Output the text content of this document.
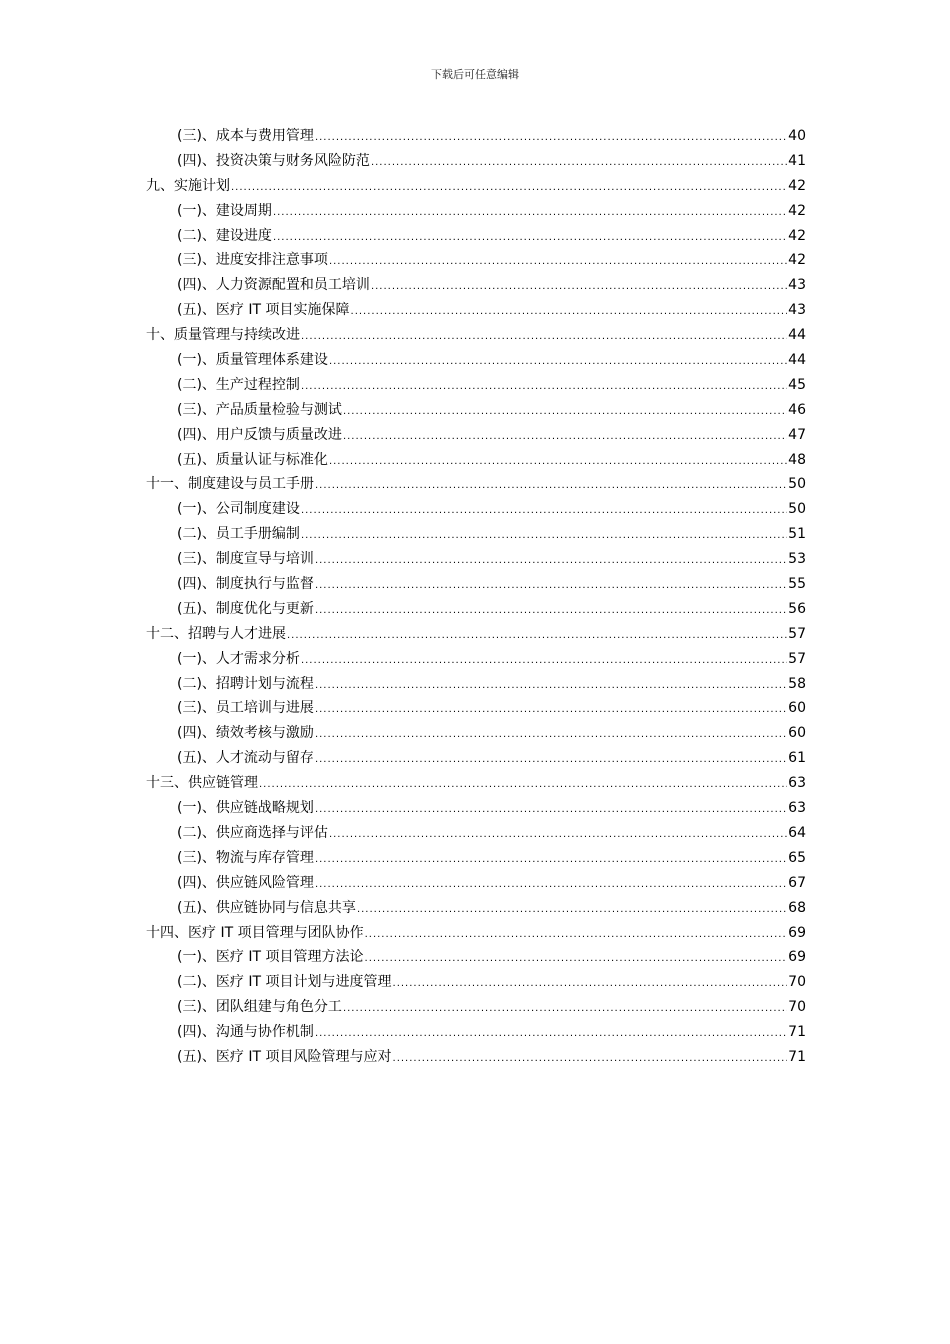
下载后可任意编辑
(三)、成本与费用管理 .....	40
(四)、投资决策与财务风险防范 .....	41
九、实施计划 .....	42
(一)、建设周期 .....	42
(二)、建设进度 .....	42
(三)、进度安排注意事项 .....	42
(四)、人力资源配置和员工培训 .....	43
(五)、医疗 IT 项目实施保障 .....	43
十、质量管理与持续改进 .....	44
(一)、质量管理体系建设 .....	44
(二)、生产过程控制 .....	45
(三)、产品质量检验与测试 .....	46
(四)、用户反馈与质量改进 .....	47
(五)、质量认证与标准化 .....	48
十一、制度建设与员工手册 .....	50
(一)、公司制度建设 .....	50
(二)、员工手册编制 .....	51
(三)、制度宣导与培训 .....	53
(四)、制度执行与监督 .....	55
(五)、制度优化与更新 .....	56
十二、招聘与人才进展 .....	57
(一)、人才需求分析 .....	57
(二)、招聘计划与流程 .....	58
(三)、员工培训与进展 .....	60
(四)、绩效考核与激励 .....	60
(五)、人才流动与留存 .....	61
十三、供应链管理 .....	63
(一)、供应链战略规划 .....	63
(二)、供应商选择与评估 .....	64
(三)、物流与库存管理 .....	65
(四)、供应链风险管理 .....	67
(五)、供应链协同与信息共享 .....	68
十四、医疗 IT 项目管理与团队协作 .....	69
(一)、医疗 IT 项目管理方法论 .....	69
(二)、医疗 IT 项目计划与进度管理 .....	70
(三)、团队组建与角色分工 .....	70
(四)、沟通与协作机制 .....	71
(五)、医疗 IT 项目风险管理与应对 .....	71
